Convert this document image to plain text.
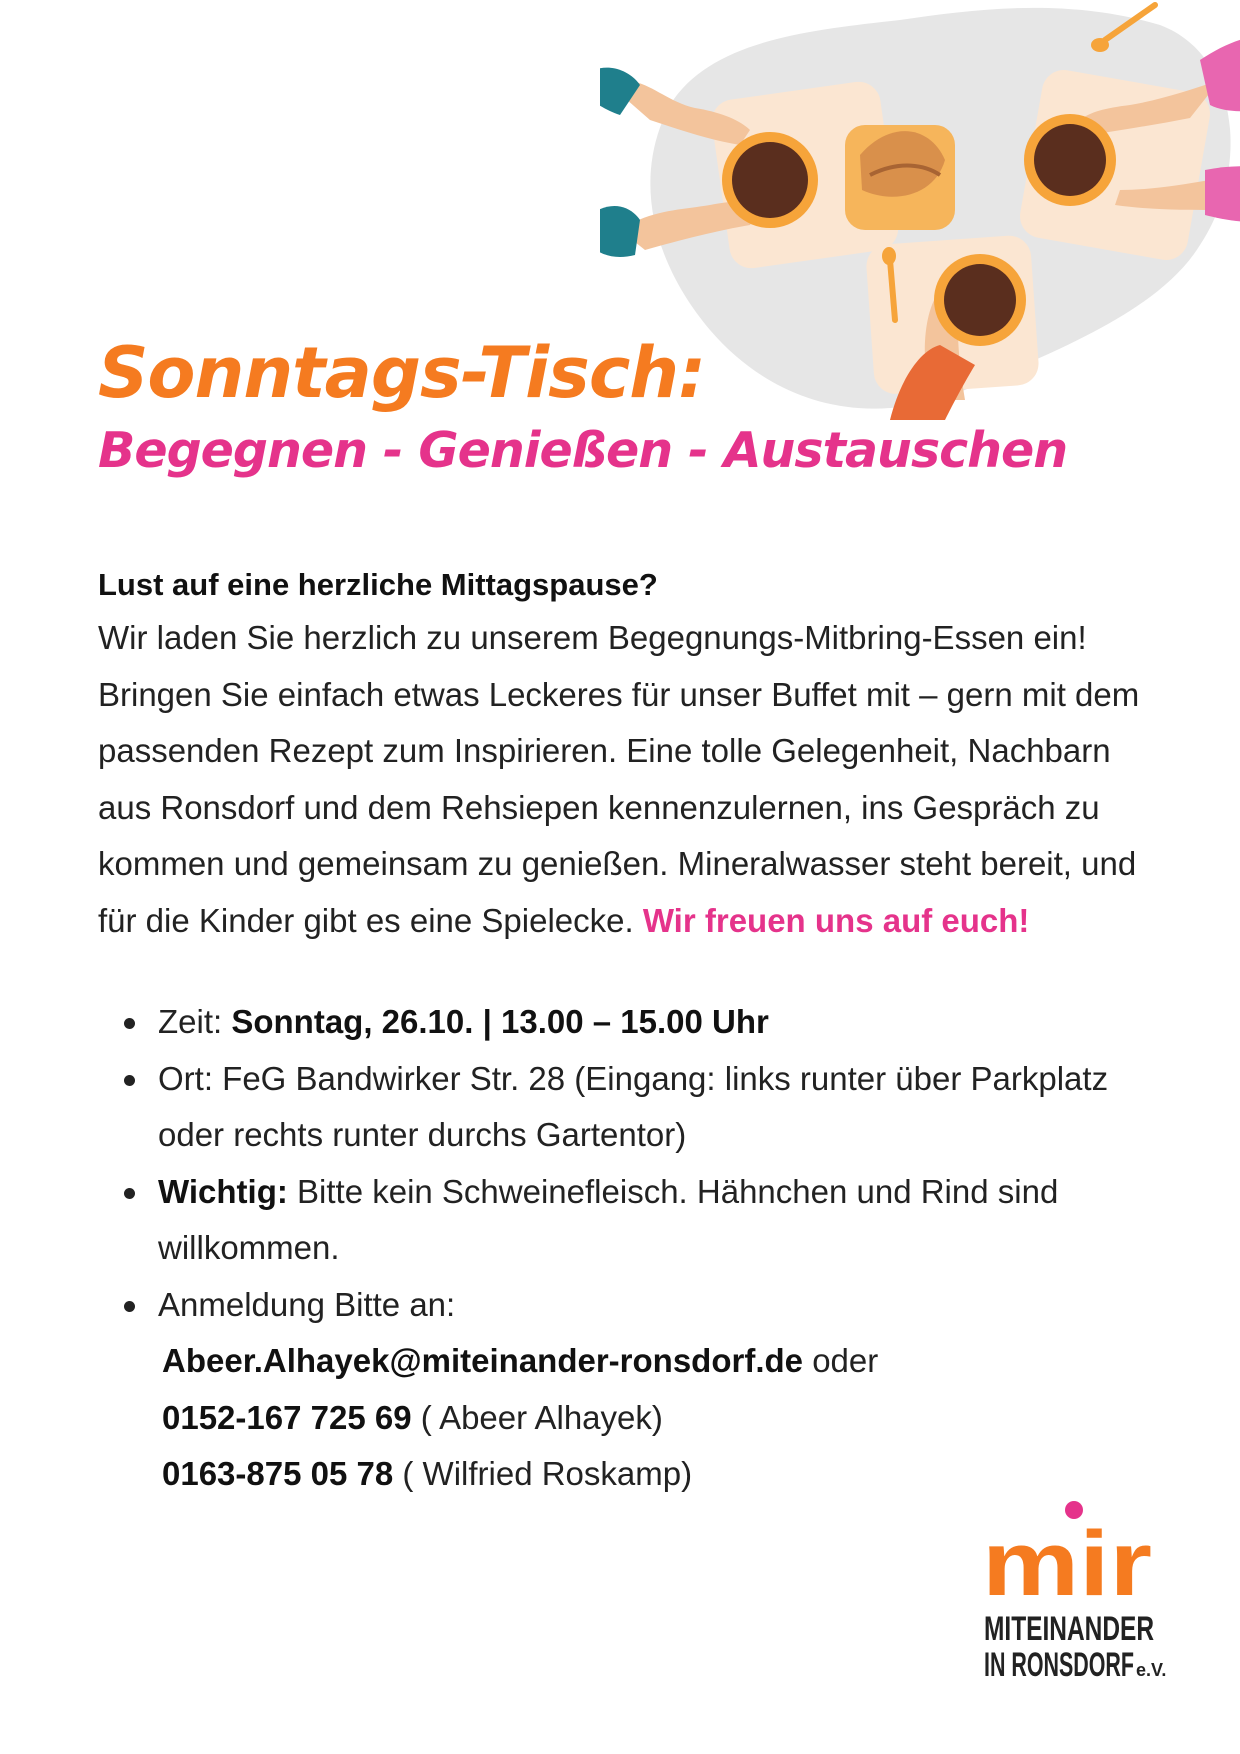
Sonntags-Tisch:
Begegnen - Genießen - Austauschen

Lust auf eine herzliche Mittagspause?

Wir laden Sie herzlich zu unserem Begegnungs-Mitbring-Essen ein! Bringen Sie einfach etwas Leckeres für unser Buffet mit – gern mit dem passenden Rezept zum Inspirieren. Eine tolle Gelegenheit, Nachbarn aus Ronsdorf und dem Rehsiepen kennenzulernen, ins Gespräch zu kommen und gemeinsam zu genießen. Mineralwasser steht bereit, und für die Kinder gibt es eine Spielecke. Wir freuen uns auf euch!

Zeit: Sonntag, 26.10. | 13.00 – 15.00 Uhr
Ort: FeG Bandwirker Str. 28 (Eingang: links runter über Parkplatz oder rechts runter durchs Gartentor)
Wichtig: Bitte kein Schweinefleisch. Hähnchen und Rind sind willkommen.
Anmeldung Bitte an:
Abeer.Alhayek@miteinander-ronsdorf.de oder
0152-167 725 69 ( Abeer Alhayek)
0163-875 05 78 ( Wilfried Roskamp)
mir
MITEINANDER
IN RONSDORF e.V.
